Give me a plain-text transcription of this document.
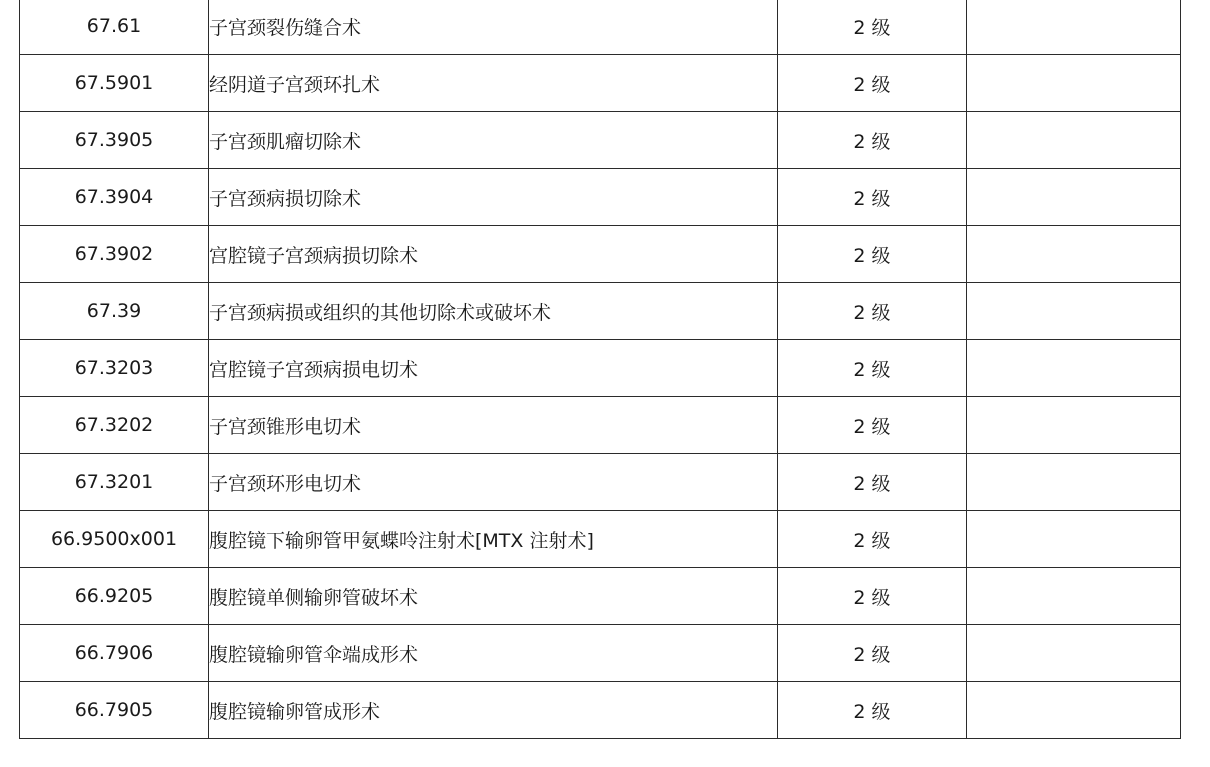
67.61	子宫颈裂伤缝合术	2 级	
67.5901	经阴道子宫颈环扎术	2 级	
67.3905	子宫颈肌瘤切除术	2 级	
67.3904	子宫颈病损切除术	2 级	
67.3902	宫腔镜子宫颈病损切除术	2 级	
67.39	子宫颈病损或组织的其他切除术或破坏术	2 级	
67.3203	宫腔镜子宫颈病损电切术	2 级	
67.3202	子宫颈锥形电切术	2 级	
67.3201	子宫颈环形电切术	2 级	
66.9500x001	腹腔镜下输卵管甲氨蝶呤注射术[MTX 注射术]	2 级	
66.9205	腹腔镜单侧输卵管破坏术	2 级	
66.7906	腹腔镜输卵管伞端成形术	2 级	
66.7905	腹腔镜输卵管成形术	2 级	
